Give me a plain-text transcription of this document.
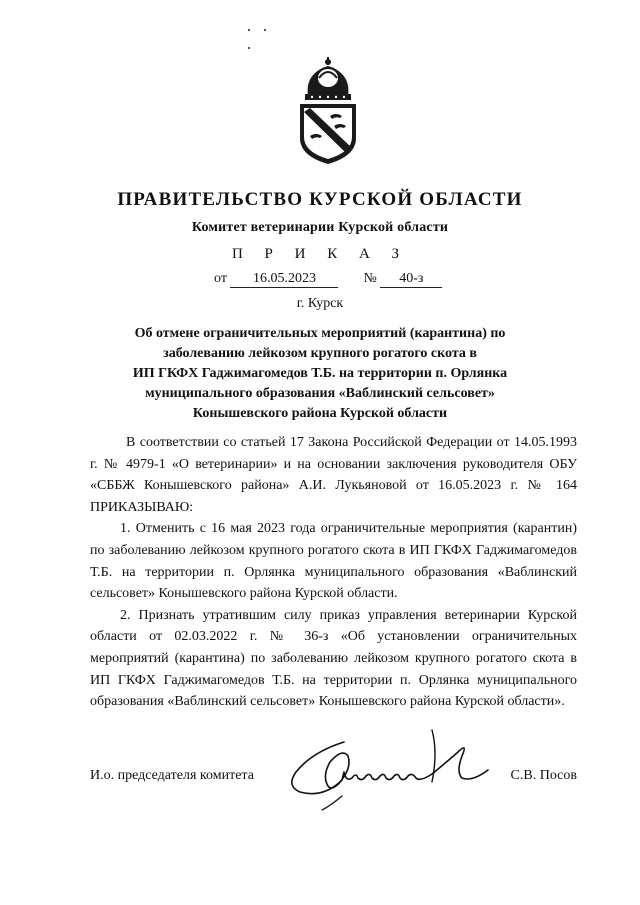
ПРАВИТЕЛЬСТВО КУРСКОЙ ОБЛАСТИ
Комитет ветеринарии Курской области
П Р И К А З
от 16.05.2023	№ 40-з
г. Курск
Об отмене ограничительных мероприятий (карантина) по
заболеванию лейкозом крупного рогатого скота в
ИП ГКФХ Гаджимагомедов Т.Б. на территории п. Орлянка
муниципального образования «Ваблинский сельсовет»
Конышевского района Курской области

В соответствии со статьей 17 Закона Российской Федерации от 14.05.1993 г. № 4979-1 «О ветеринарии» и на основании заключения руководителя ОБУ «СББЖ Конышевского района» А.И. Лукьяновой от 16.05.2023 г. № 164 ПРИКАЗЫВАЮ:

1. Отменить с 16 мая 2023 года ограничительные мероприятия (карантин) по заболеванию лейкозом крупного рогатого скота в ИП ГКФХ Гаджимагомедов Т.Б. на территории п. Орлянка муниципального образования «Ваблинский сельсовет» Конышевского района Курской области.

2. Признать утратившим силу приказ управления ветеринарии Курской области от 02.03.2022 г. № 36-з «Об установлении ограничительных мероприятий (карантина) по заболеванию лейкозом крупного рогатого скота в ИП ГКФХ Гаджимагомедов Т.Б. на территории п. Орлянка муниципального образования «Ваблинский сельсовет» Конышевского района Курской области».

И.о. председателя комитета	С.В. Посов
